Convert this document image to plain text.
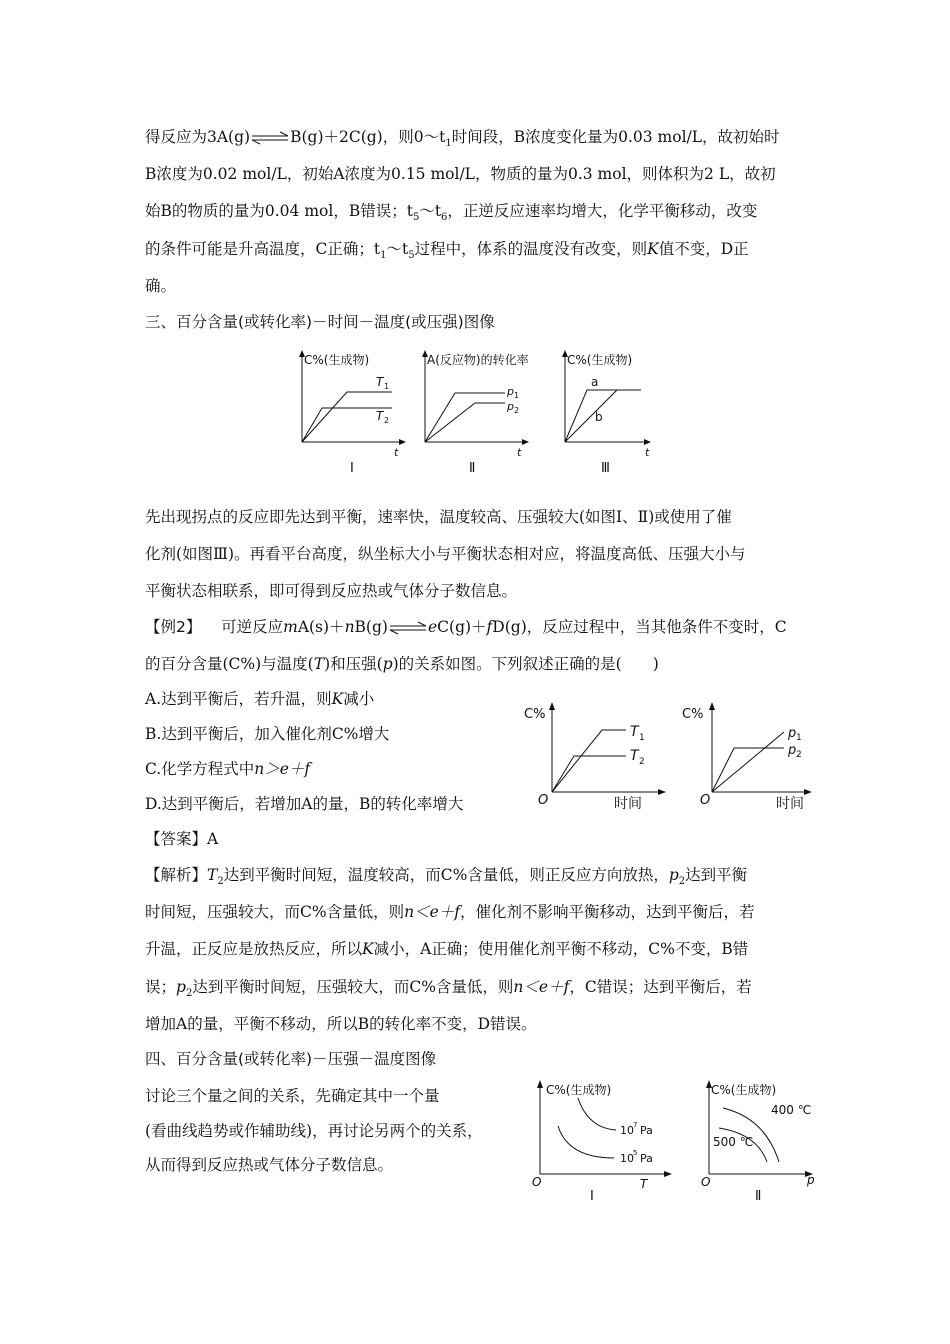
得反应为3A(g)⇌B(g)＋2C(g)，则$0\sim t_1$时间段，B浓度变化量为0.03 mol/L，故初始时
B浓度为0.02 mol/L，初始A浓度为0.15 mol/L，物质的量为0.3 mol，则体积为2 L，故初
始B的物质的量为0.04 mol，B错误；$t_5\sim t_6$，正逆反应速率均增大，化学平衡移动，改变
的条件可能是升高温度，C正确；$t_1\sim t_5$过程中，体系的温度没有改变，则K值不变，D正
确。
三、百分含量(或转化率)－时间－温度(或压强)图像
C%(生成物)
T 1
T 2
t
Ⅰ
A(反应物)的转化率
p 1
p 2
t
Ⅱ
C%(生成物)
a
b
t
Ⅲ
先出现拐点的反应即先达到平衡，速率快，温度较高、压强较大(如图Ⅰ、Ⅱ)或使用了催
化剂(如图Ⅲ)。再看平台高度，纵坐标大小与平衡状态相对应，将温度高低、压强大小与
平衡状态相联系，即可得到反应热或气体分子数信息。
【例2】 可逆反应mA(s)＋nB(g)⇌eC(g)＋fD(g)，反应过程中，当其他条件不变时，C
的百分含量(C%)与温度(T)和压强(p)的关系如图。下列叙述正确的是(　　)
A.达到平衡后，若升温，则K减小
B.达到平衡后，加入催化剂C%增大
C.化学方程式中n＞e＋f
D.达到平衡后，若增加A的量，B的转化率增大
C%
T 1
T 2
O	时间
C%
p 1
p 2
O	时间
【答案】A
【解析】$T_2$达到平衡时间短，温度较高，而C%含量低，则正反应方向放热，$p_2$达到平衡
时间短，压强较大，而C%含量低，则n＜e＋f，催化剂不影响平衡移动，达到平衡后，若
升温，正反应是放热反应，所以K减小，A正确；使用催化剂平衡不移动，C%不变，B错
误；$p_2$达到平衡时间短，压强较大，而C%含量低，则n＜e＋f，C错误；达到平衡后，若
增加A的量，平衡不移动，所以B的转化率不变，D错误。
四、百分含量(或转化率)－压强－温度图像
讨论三个量之间的关系，先确定其中一个量
(看曲线趋势或作辅助线)，再讨论另两个的关系，
从而得到反应热或气体分子数信息。
C%(生成物)
10 7 Pa
10 5 Pa
O	T
Ⅰ
C%(生成物)
400 ℃
500 ℃
O	p
Ⅱ
